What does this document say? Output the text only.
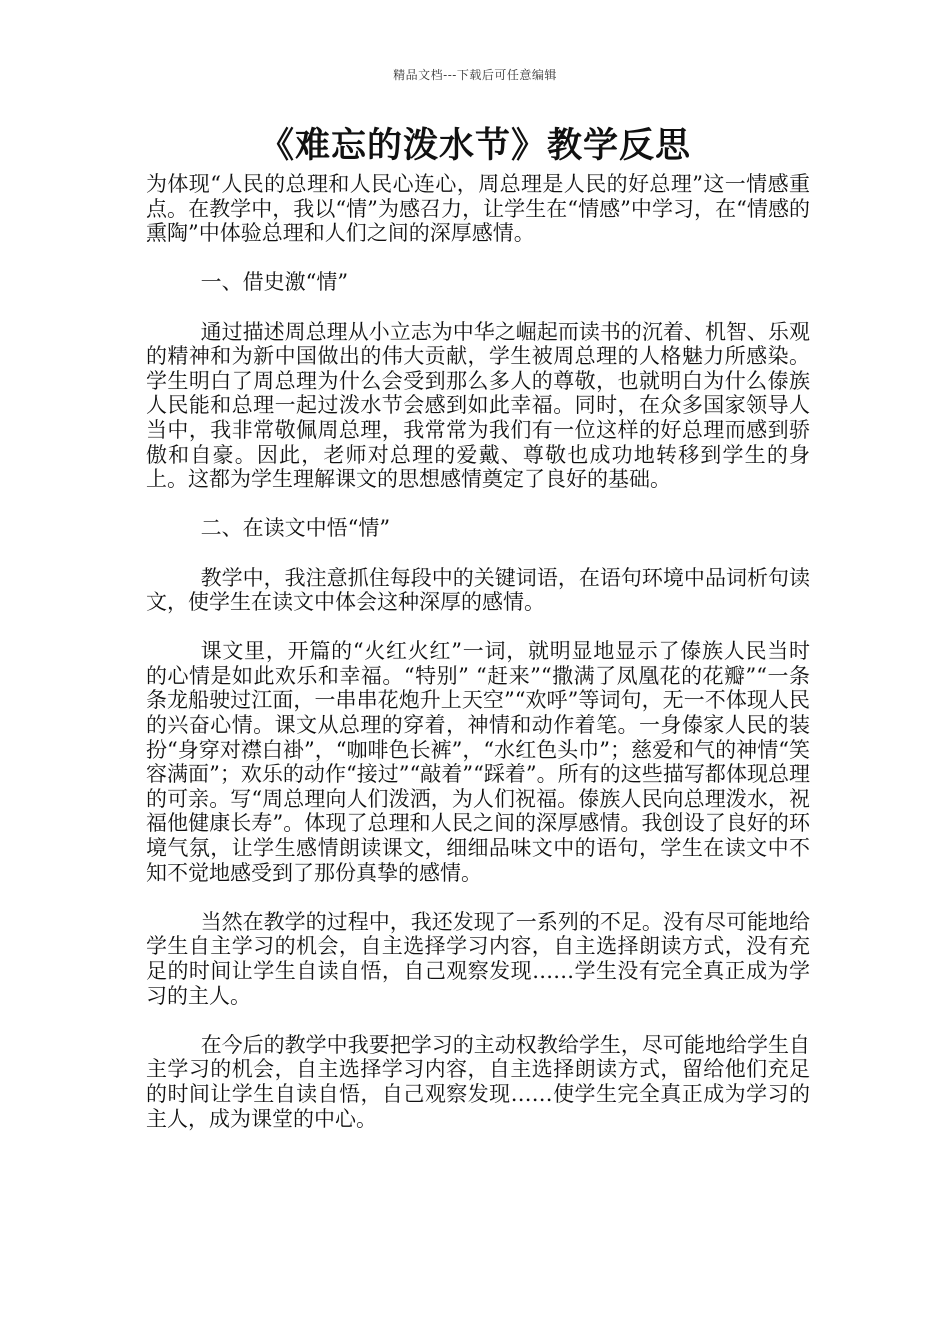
精品文档---下载后可任意编辑
《难忘的泼水节》教学反思

为体现“人民的总理和人民心连心，周总理是人民的好总理”这一情感重点。在教学中，我以“情”为感召力，让学生在“情感”中学习，在“情感的熏陶”中体验总理和人们之间的深厚感情。

一、借史激“情”

通过描述周总理从小立志为中华之崛起而读书的沉着、机智、乐观的精神和为新中国做出的伟大贡献，学生被周总理的人格魅力所感染。学生明白了周总理为什么会受到那么多人的尊敬，也就明白为什么傣族人民能和总理一起过泼水节会感到如此幸福。同时，在众多国家领导人当中，我非常敬佩周总理，我常常为我们有一位这样的好总理而感到骄傲和自豪。因此，老师对总理的爱戴、尊敬也成功地转移到学生的身上。这都为学生理解课文的思想感情奠定了良好的基础。

二、在读文中悟“情”

教学中，我注意抓住每段中的关键词语，在语句环境中品词析句读文，使学生在读文中体会这种深厚的感情。

课文里，开篇的“火红火红”一词，就明显地显示了傣族人民当时的心情是如此欢乐和幸福。“特别” “赶来”“撒满了凤凰花的花瓣”“一条条龙船驶过江面，一串串花炮升上天空”“欢呼”等词句，无一不体现人民的兴奋心情。课文从总理的穿着，神情和动作着笔。一身傣家人民的装扮“身穿对襟白褂”，“咖啡色长裤”，“水红色头巾”；慈爱和气的神情“笑容满面”；欢乐的动作“接过”“敲着”“踩着”。所有的这些描写都体现总理的可亲。写“周总理向人们泼洒，为人们祝福。傣族人民向总理泼水，祝福他健康长寿”。体现了总理和人民之间的深厚感情。我创设了良好的环境气氛，让学生感情朗读课文，细细品味文中的语句，学生在读文中不知不觉地感受到了那份真挚的感情。

当然在教学的过程中，我还发现了一系列的不足。没有尽可能地给学生自主学习的机会，自主选择学习内容，自主选择朗读方式，没有充足的时间让学生自读自悟，自己观察发现……学生没有完全真正成为学习的主人。

在今后的教学中我要把学习的主动权教给学生，尽可能地给学生自主学习的机会，自主选择学习内容，自主选择朗读方式，留给他们充足的时间让学生自读自悟，自己观察发现……使学生完全真正成为学习的主人，成为课堂的中心。
